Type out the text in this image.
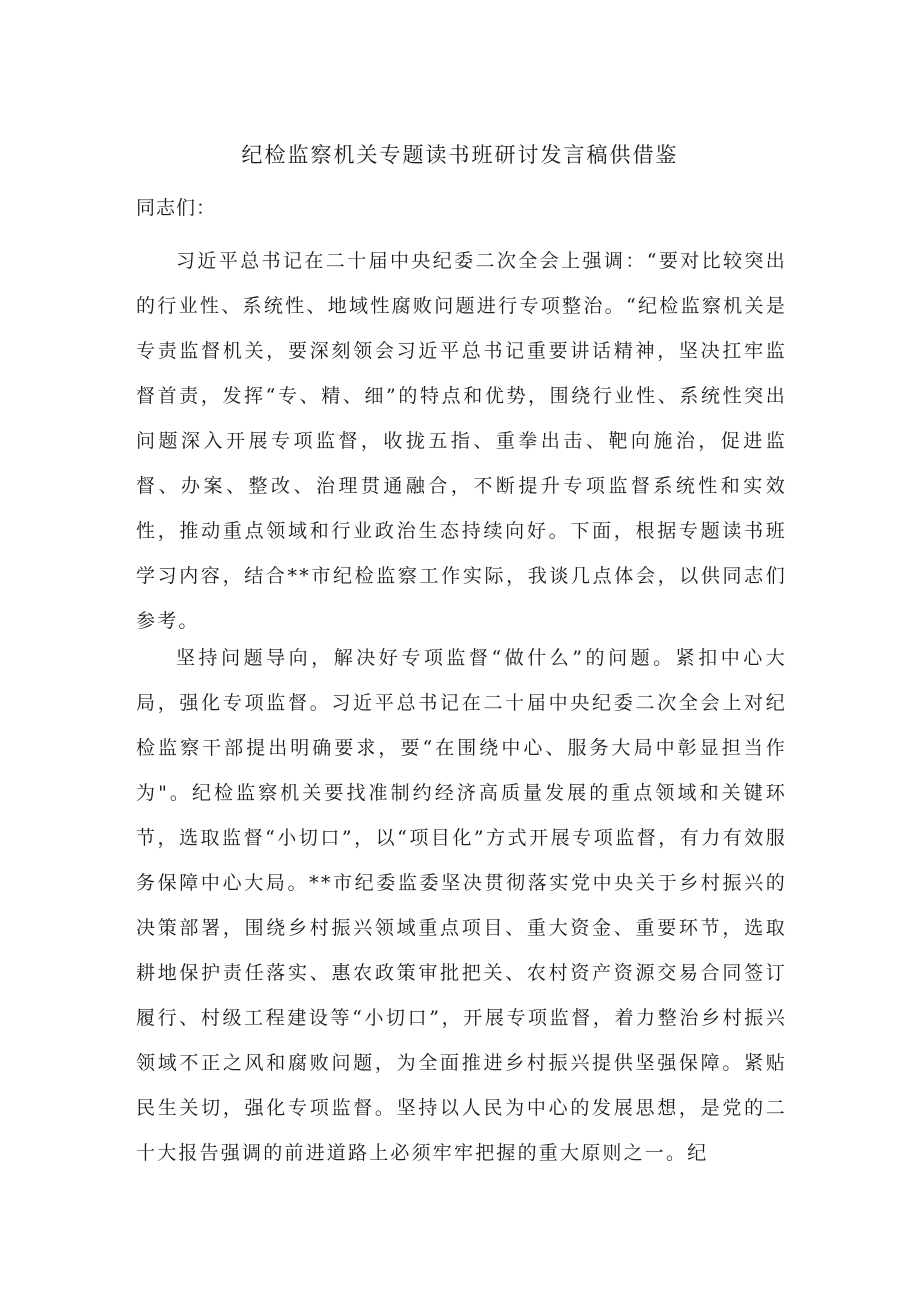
纪检监察机关专题读书班研讨发言稿供借鉴

同志们：

习近平总书记在二十届中央纪委二次全会上强调：“要对比较突出的行业性、系统性、地域性腐败问题进行专项整治。“纪检监察机关是专责监督机关，要深刻领会习近平总书记重要讲话精神，坚决扛牢监督首责，发挥“专、精、细”的特点和优势，围绕行业性、系统性突出问题深入开展专项监督，收拢五指、重拳出击、靶向施治，促进监督、办案、整改、治理贯通融合，不断提升专项监督系统性和实效性，推动重点领域和行业政治生态持续向好。下面，根据专题读书班学习内容，结合**市纪检监察工作实际，我谈几点体会，以供同志们参考。

坚持问题导向，解决好专项监督“做什么”的问题。紧扣中心大局，强化专项监督。习近平总书记在二十届中央纪委二次全会上对纪检监察干部提出明确要求，要“在围绕中心、服务大局中彰显担当作为"。纪检监察机关要找准制约经济高质量发展的重点领域和关键环节，选取监督“小切口”，以“项目化”方式开展专项监督，有力有效服务保障中心大局。**市纪委监委坚决贯彻落实党中央关于乡村振兴的决策部署，围绕乡村振兴领域重点项目、重大资金、重要环节，选取耕地保护责任落实、惠农政策审批把关、农村资产资源交易合同签订履行、村级工程建设等“小切口”，开展专项监督，着力整治乡村振兴领域不正之风和腐败问题，为全面推进乡村振兴提供坚强保障。紧贴民生关切，强化专项监督。坚持以人民为中心的发展思想，是党的二十大报告强调的前进道路上必须牢牢把握的重大原则之一。纪
